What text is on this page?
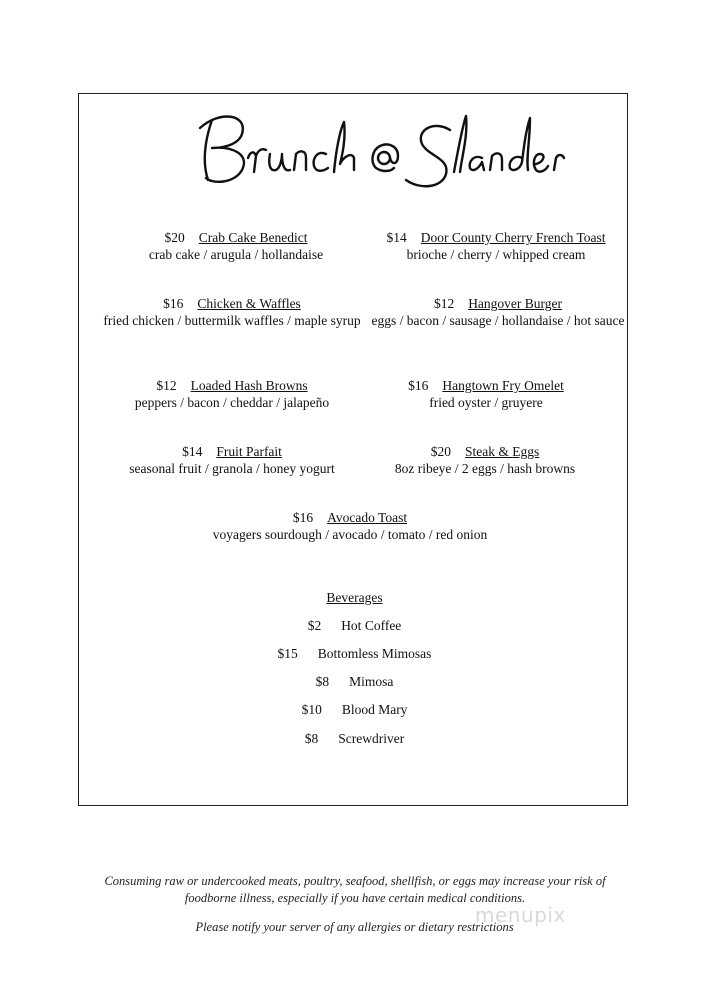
$20 Crab Cake Benedict
crab cake / arugula / hollandaise
$14 Door County Cherry French Toast
brioche / cherry / whipped cream
$16 Chicken & Waffles
fried chicken / buttermilk waffles / maple syrup
$12 Hangover Burger
eggs / bacon / sausage / hollandaise / hot sauce
$12 Loaded Hash Browns
peppers / bacon / cheddar / jalapeño
$16 Hangtown Fry Omelet
fried oyster / gruyere
$14 Fruit Parfait
seasonal fruit / granola / honey yogurt
$20 Steak & Eggs
8oz ribeye / 2 eggs / hash browns
$16 Avocado Toast
voyagers sourdough / avocado / tomato / red onion
Beverages
$2 Hot Coffee
$15 Bottomless Mimosas
$8 Mimosa
$10 Blood Mary
$8 Screwdriver
Consuming raw or undercooked meats, poultry, seafood, shellfish, or eggs may increase your risk of foodborne illness, especially if you have certain medical conditions.
Please notify your server of any allergies or dietary restrictions
menupix
